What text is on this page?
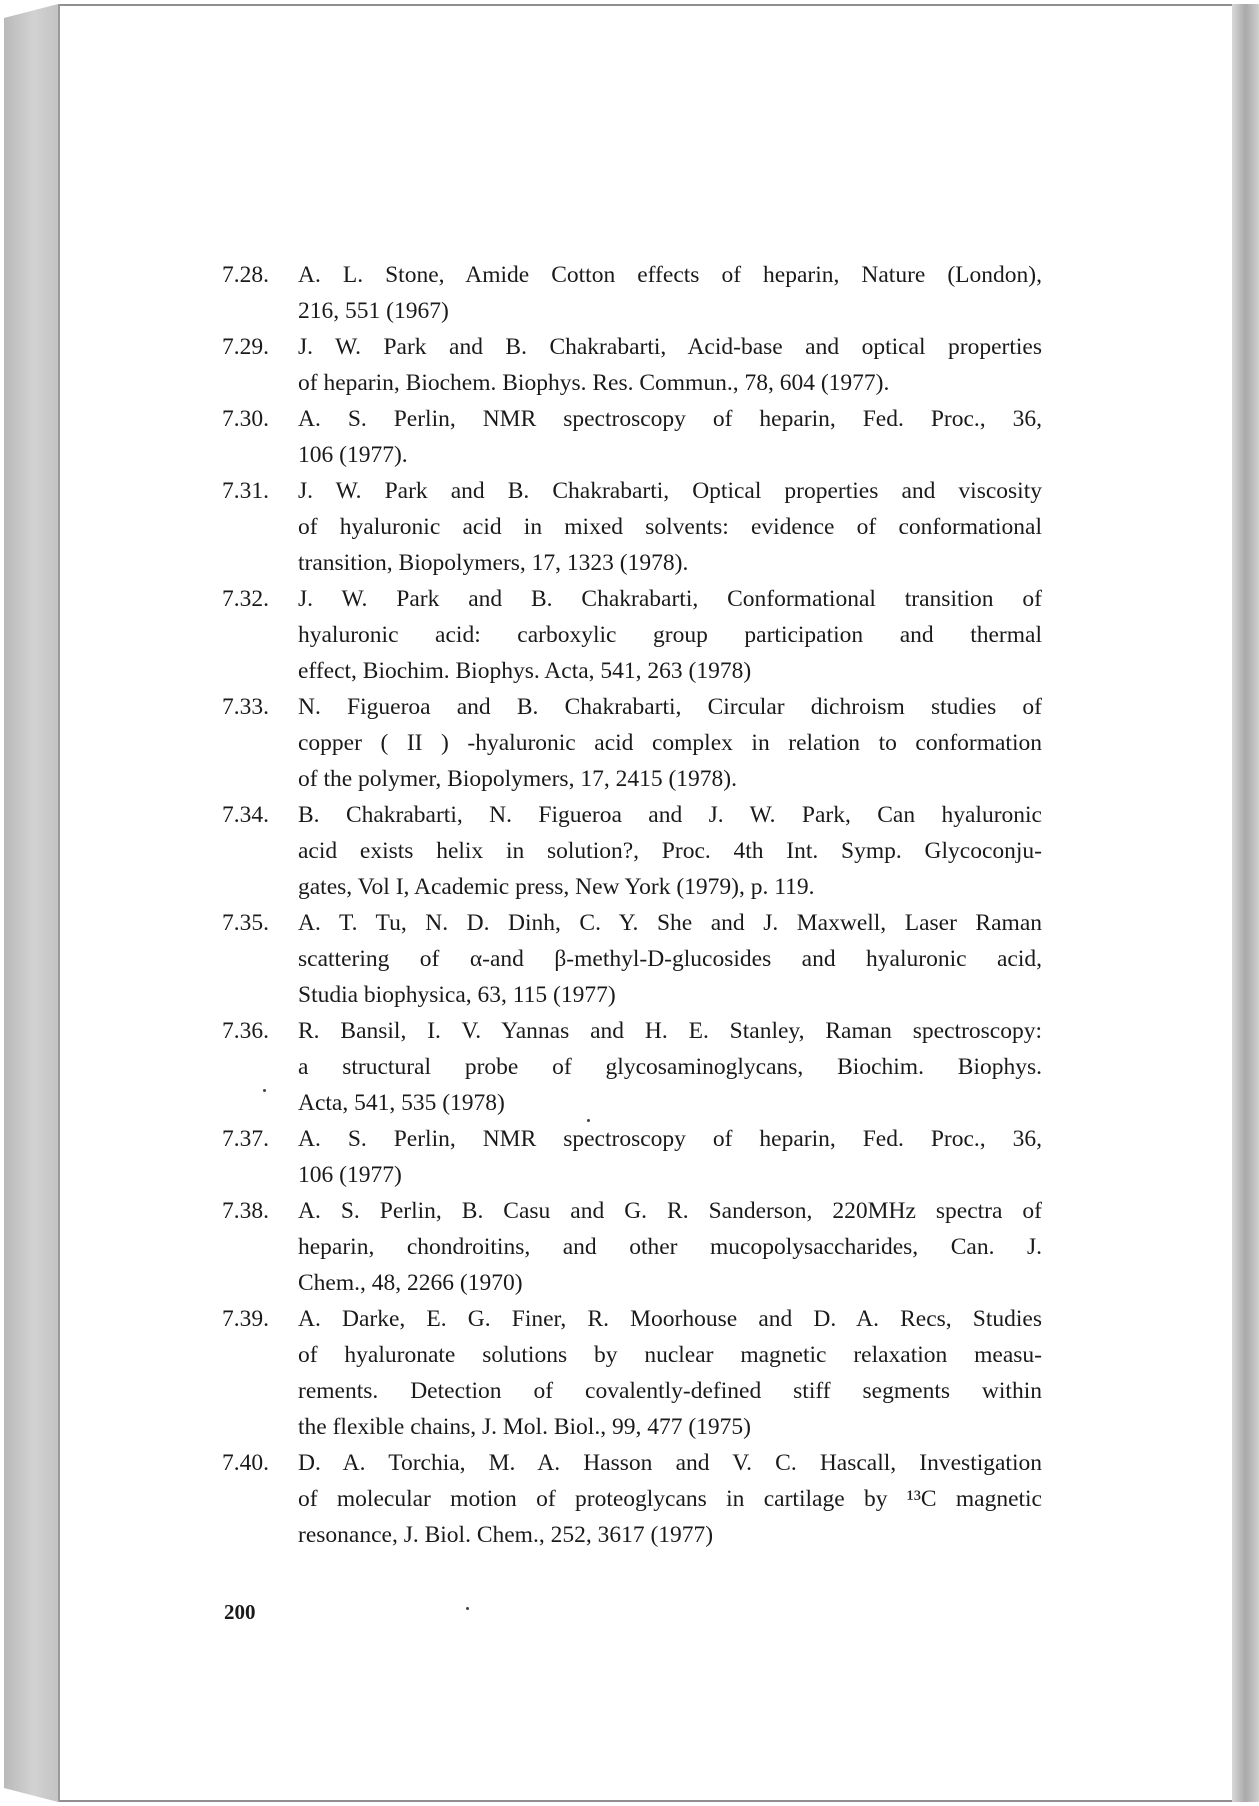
7.28. A. L. Stone, Amide Cotton effects of heparin, Nature (London),
216, 551 (1967)
7.29. J. W. Park and B. Chakrabarti, Acid-base and optical properties
of heparin, Biochem. Biophys. Res. Commun., 78, 604 (1977).
7.30. A. S. Perlin, NMR spectroscopy of heparin, Fed. Proc., 36,
106 (1977).
7.31. J. W. Park and B. Chakrabarti, Optical properties and viscosity
of hyaluronic acid in mixed solvents: evidence of conformational
transition, Biopolymers, 17, 1323 (1978).
7.32. J. W. Park and B. Chakrabarti, Conformational transition of
hyaluronic acid: carboxylic group participation and thermal
effect, Biochim. Biophys. Acta, 541, 263 (1978)
7.33. N. Figueroa and B. Chakrabarti, Circular dichroism studies of
copper ( II ) -hyaluronic acid complex in relation to conformation
of the polymer, Biopolymers, 17, 2415 (1978).
7.34. B. Chakrabarti, N. Figueroa and J. W. Park, Can hyaluronic
acid exists helix in solution?, Proc. 4th Int. Symp. Glycoconju-
gates, Vol I, Academic press, New York (1979), p. 119.
7.35. A. T. Tu, N. D. Dinh, C. Y. She and J. Maxwell, Laser Raman
scattering of α-and β-methyl-D-glucosides and hyaluronic acid,
Studia biophysica, 63, 115 (1977)
7.36. R. Bansil, I. V. Yannas and H. E. Stanley, Raman spectroscopy:
a structural probe of glycosaminoglycans, Biochim. Biophys.
Acta, 541, 535 (1978)
7.37. A. S. Perlin, NMR spectroscopy of heparin, Fed. Proc., 36,
106 (1977)
7.38. A. S. Perlin, B. Casu and G. R. Sanderson, 220MHz spectra of
heparin, chondroitins, and other mucopolysaccharides, Can. J.
Chem., 48, 2266 (1970)
7.39. A. Darke, E. G. Finer, R. Moorhouse and D. A. Recs, Studies
of hyaluronate solutions by nuclear magnetic relaxation measu-
rements. Detection of covalently-defined stiff segments within
the flexible chains, J. Mol. Biol., 99, 477 (1975)
7.40. D. A. Torchia, M. A. Hasson and V. C. Hascall, Investigation
of molecular motion of proteoglycans in cartilage by ¹³C magnetic
resonance, J. Biol. Chem., 252, 3617 (1977)
200
